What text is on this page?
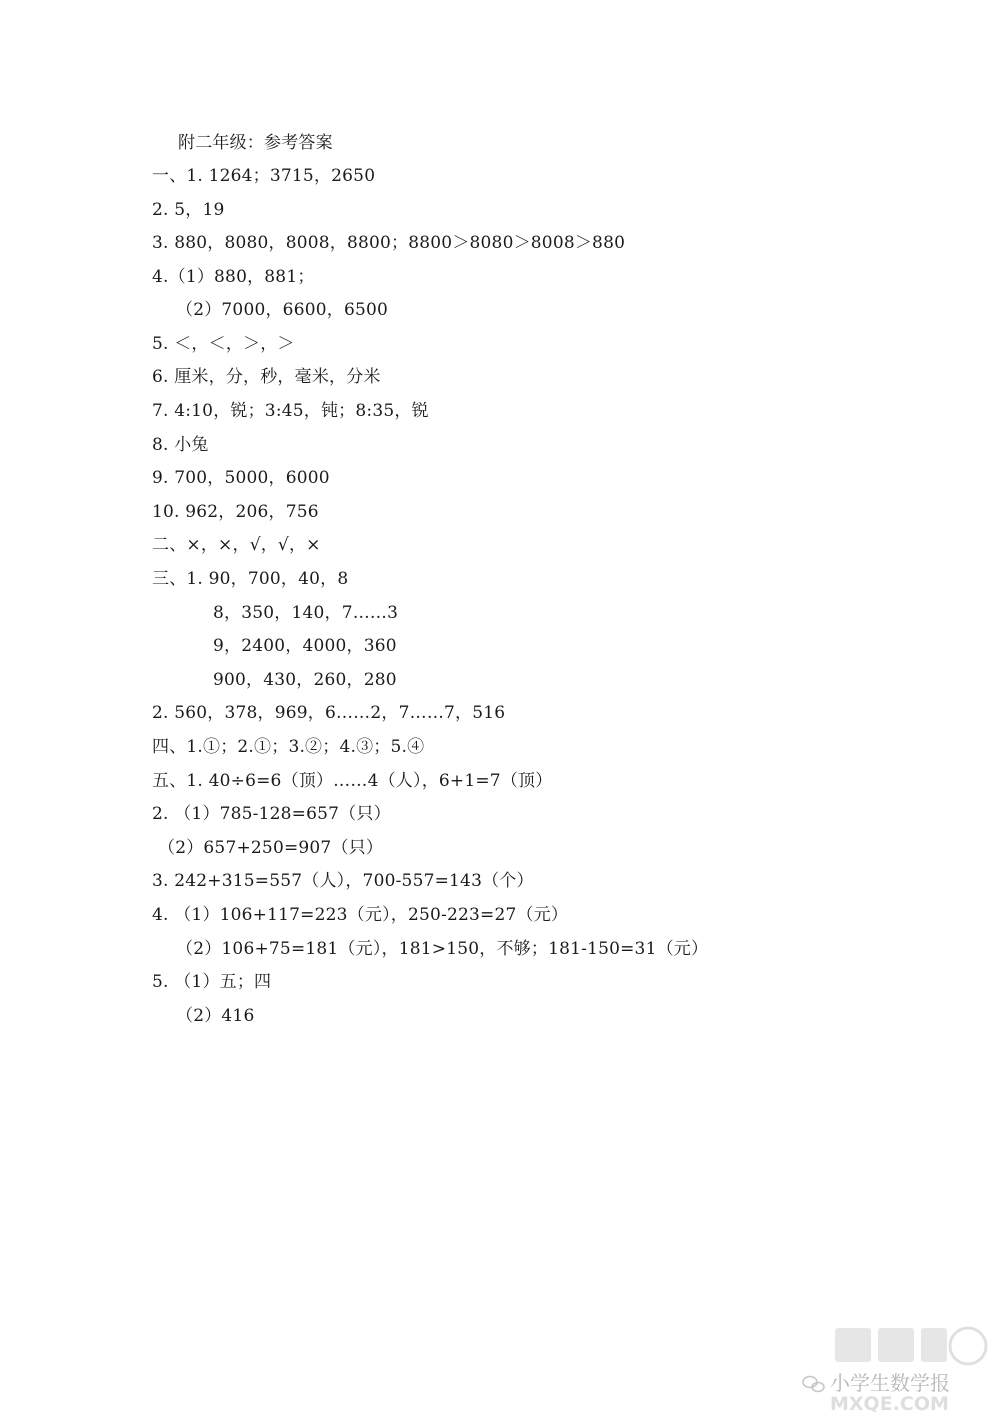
附二年级：参考答案
一、1. 1264；3715，2650
2. 5，19
3. 880，8080，8008，8800；8800＞8080＞8008＞880
4.（1）880，881；
（2）7000，6600，6500
5. ＜，＜，＞，＞
6. 厘米，分，秒，毫米，分米
7. 4:10，锐；3:45，钝；8:35，锐
8. 小兔
9. 700，5000，6000
10. 962，206，756
二、×，×，√，√，×
三、1. 90，700，40，8
8，350，140，7……3
9，2400，4000，360
900，430，260，280
2. 560，378，969，6……2，7……7，516
四、1.①；2.①；3.②；4.③；5.④
五、1. 40÷6=6（顶）……4（人），6+1=7（顶）
2. （1）785-128=657（只）
（2）657+250=907（只）
3. 242+315=557（人），700-557=143（个）
4. （1）106+117=223（元），250-223=27（元）
（2）106+75=181（元），181>150，不够；181-150=31（元）
5. （1）五；四
（2）416
小学生数学报
MXQE.COM
